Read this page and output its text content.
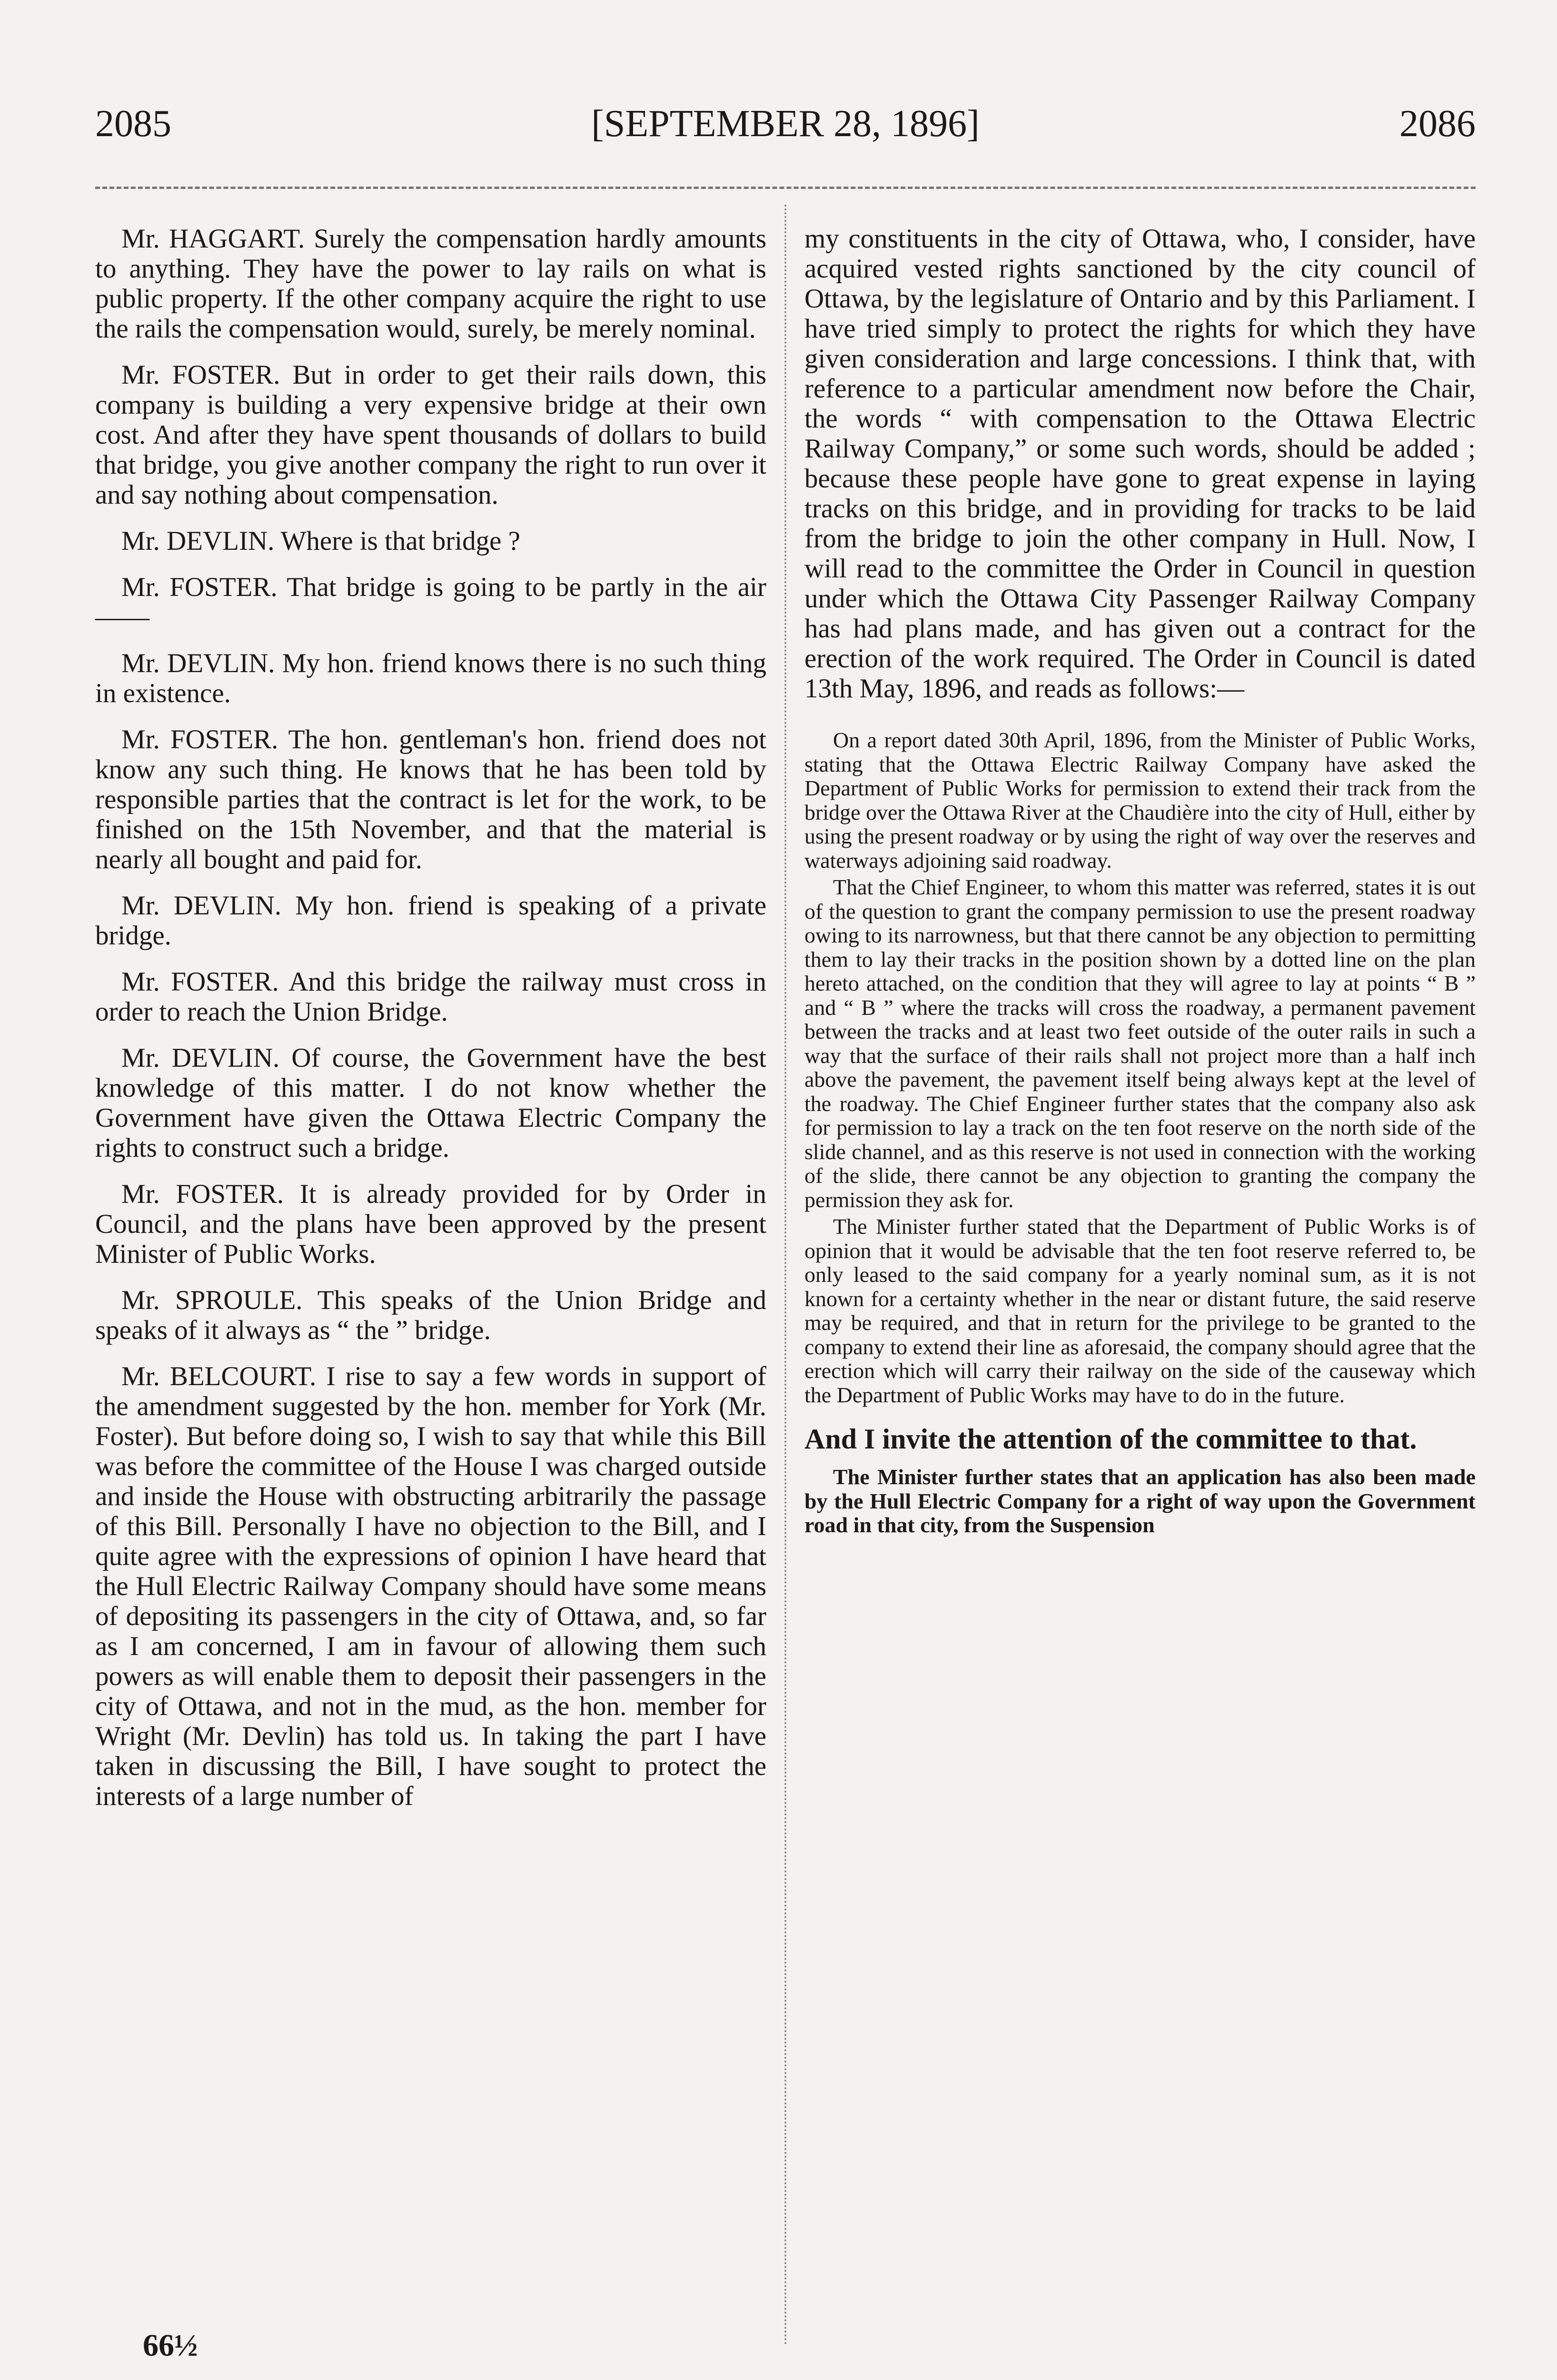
2085	[SEPTEMBER 28, 1896]	2086

Mr. HAGGART. Surely the compensation hardly amounts to anything. They have the power to lay rails on what is public property. If the other company acquire the right to use the rails the compensation would, surely, be merely nominal.

Mr. FOSTER. But in order to get their rails down, this company is building a very expensive bridge at their own cost. And after they have spent thousands of dollars to build that bridge, you give another company the right to run over it and say nothing about compensation.

Mr. DEVLIN. Where is that bridge ?

Mr. FOSTER. That bridge is going to be partly in the air——

Mr. DEVLIN. My hon. friend knows there is no such thing in existence.

Mr. FOSTER. The hon. gentleman's hon. friend does not know any such thing. He knows that he has been told by responsible parties that the contract is let for the work, to be finished on the 15th November, and that the material is nearly all bought and paid for.

Mr. DEVLIN. My hon. friend is speaking of a private bridge.

Mr. FOSTER. And this bridge the railway must cross in order to reach the Union Bridge.

Mr. DEVLIN. Of course, the Government have the best knowledge of this matter. I do not know whether the Government have given the Ottawa Electric Company the rights to construct such a bridge.

Mr. FOSTER. It is already provided for by Order in Council, and the plans have been approved by the present Minister of Public Works.

Mr. SPROULE. This speaks of the Union Bridge and speaks of it always as “ the ” bridge.

Mr. BELCOURT. I rise to say a few words in support of the amendment suggested by the hon. member for York (Mr. Foster). But before doing so, I wish to say that while this Bill was before the committee of the House I was charged outside and inside the House with obstructing arbitrarily the passage of this Bill. Personally I have no objection to the Bill, and I quite agree with the expressions of opinion I have heard that the Hull Electric Railway Company should have some means of depositing its passengers in the city of Ottawa, and, so far as I am concerned, I am in favour of allowing them such powers as will enable them to deposit their passengers in the city of Ottawa, and not in the mud, as the hon. member for Wright (Mr. Devlin) has told us. In taking the part I have taken in discussing the Bill, I have sought to protect the interests of a large number of

my constituents in the city of Ottawa, who, I consider, have acquired vested rights sanctioned by the city council of Ottawa, by the legislature of Ontario and by this Parliament. I have tried simply to protect the rights for which they have given consideration and large concessions. I think that, with reference to a particular amendment now before the Chair, the words “ with compensation to the Ottawa Electric Railway Company,” or some such words, should be added ; because these people have gone to great expense in laying tracks on this bridge, and in providing for tracks to be laid from the bridge to join the other company in Hull. Now, I will read to the committee the Order in Council in question under which the Ottawa City Passenger Railway Company has had plans made, and has given out a contract for the erection of the work required. The Order in Council is dated 13th May, 1896, and reads as follows:—

On a report dated 30th April, 1896, from the Minister of Public Works, stating that the Ottawa Electric Railway Company have asked the Department of Public Works for permission to extend their track from the bridge over the Ottawa River at the Chaudière into the city of Hull, either by using the present roadway or by using the right of way over the reserves and waterways adjoining said roadway.

That the Chief Engineer, to whom this matter was referred, states it is out of the question to grant the company permission to use the present roadway owing to its narrowness, but that there cannot be any objection to permitting them to lay their tracks in the position shown by a dotted line on the plan hereto attached, on the condition that they will agree to lay at points “ B ” and “ B ” where the tracks will cross the roadway, a permanent pavement between the tracks and at least two feet outside of the outer rails in such a way that the surface of their rails shall not project more than a half inch above the pavement, the pavement itself being always kept at the level of the roadway. The Chief Engineer further states that the company also ask for permission to lay a track on the ten foot reserve on the north side of the slide channel, and as this reserve is not used in connection with the working of the slide, there cannot be any objection to granting the company the permission they ask for.

The Minister further stated that the Department of Public Works is of opinion that it would be advisable that the ten foot reserve referred to, be only leased to the said company for a yearly nominal sum, as it is not known for a certainty whether in the near or distant future, the said reserve may be required, and that in return for the privilege to be granted to the company to extend their line as aforesaid, the company should agree that the erection which will carry their railway on the side of the causeway which the Department of Public Works may have to do in the future.

And I invite the attention of the committee to that.

The Minister further states that an application has also been made by the Hull Electric Company for a right of way upon the Government road in that city, from the Suspension

66½
